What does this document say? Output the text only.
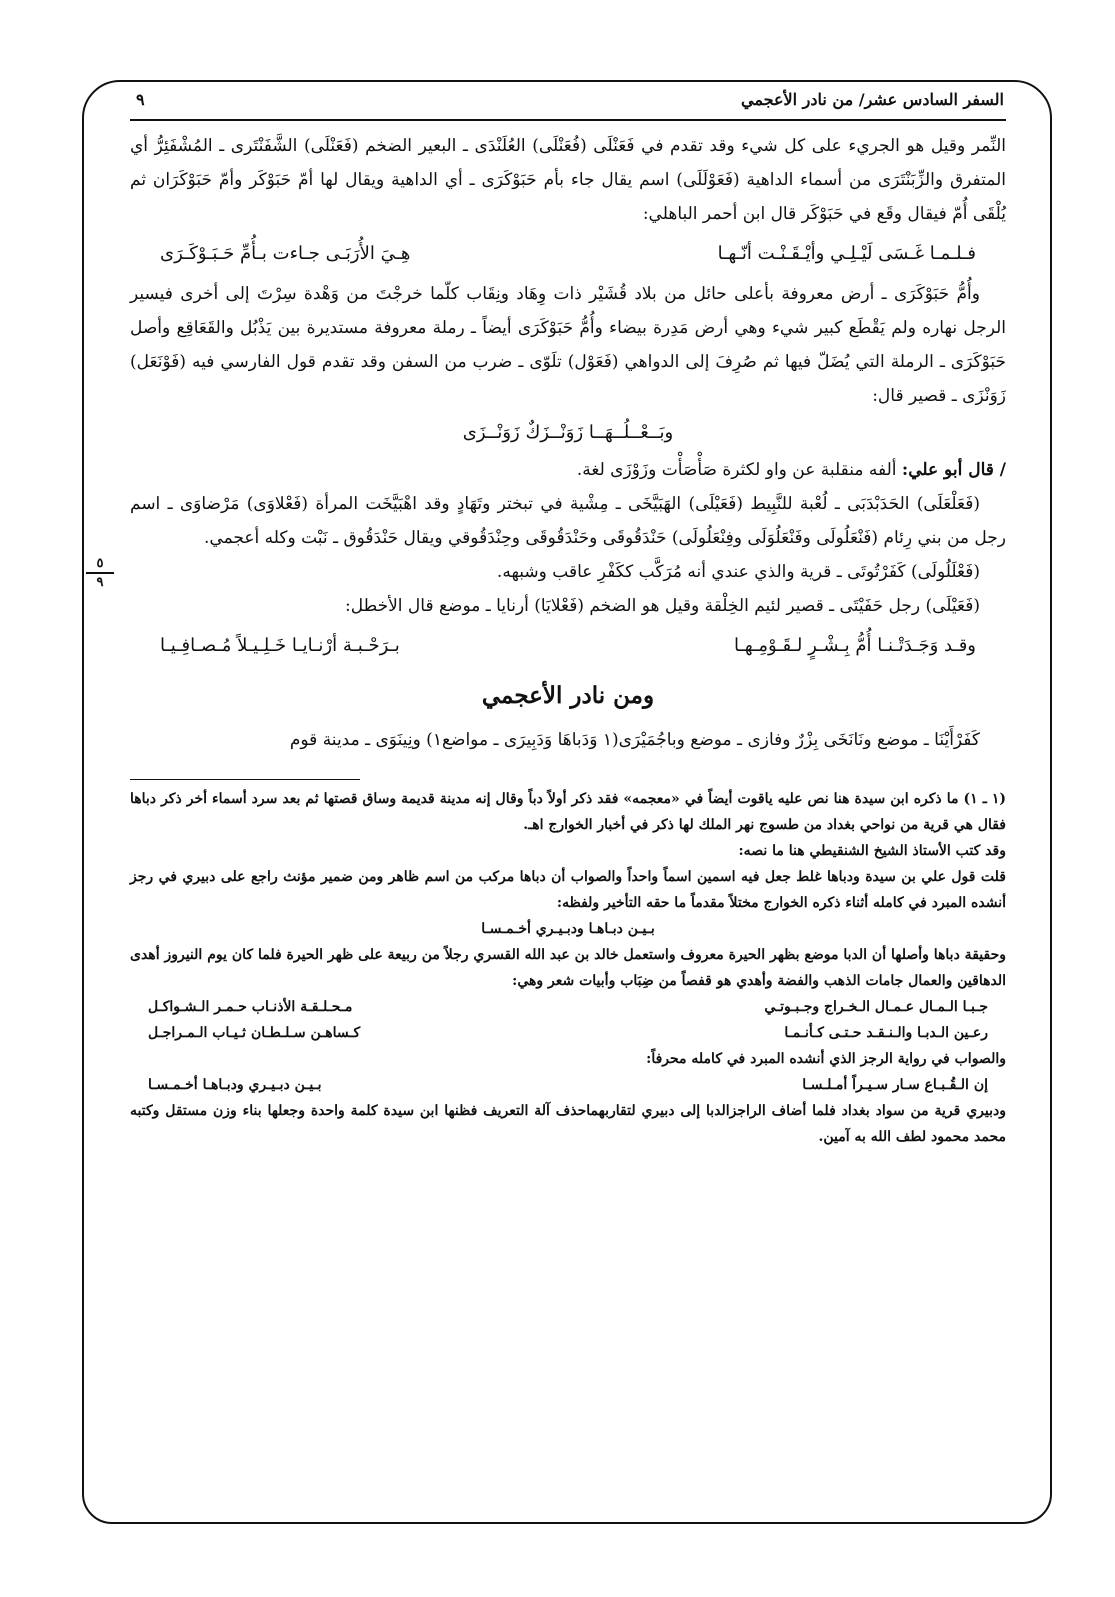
٥
٩
السفر السادس عشر/ من نادر الأعجمي
٩

النِّمر وقيل هو الجريء على كل شيء وقد تقدم في فَعَنْلَى (فُعَنْلَى) العُلَنْدَى ـ البعير الضخم (فَعَنْلَى) الشَّفَنْتَرى ـ المُشْفَئِرُّ أي المتفرق والزِّبَنْتَرَى من أسماء الداهية (فَعَوْلَلَى) اسم يقال جاء بأم حَبَوْكَرَى ـ أي الداهية ويقال لها أمّ حَبَوْكَر وأمّ حَبَوْكَرَان ثم يُلْقَى أُمّ فيقال وقَع في حَبَوْكَر قال ابن أحمر الباهلي:

فـلـمـا غَـسَى لَيْـلِـي وأيْـقَـنْـت أنّـهـا
هِـيَ الأُرَبَـى جـاءت بـأُمِّ حَـبَـوْكَـرَى

وأُمُّ حَبَوْكَرَى ـ أرض معروفة بأعلى حائل من بلاد قُشَيْر ذات وِهَاد ونِقَاب كلّما خرجْتَ من وَهْدة سِرْتَ إلى أخرى فيسير الرجل نهاره ولم يَقْطَع كبير شيء وهي أرض مَدِرة بيضاء وأُمُّ حَبَوْكَرَى أيضاً ـ رملة معروفة مستديرة بين يَذْبُل والقَعَاقِع وأصل حَبَوْكَرَى ـ الرملة التي يُضَلّ فيها ثم صُرِفَ إلى الدواهي (فَعَوْل) تلَوّى ـ ضرب من السفن وقد تقدم قول الفارسي فيه (فَوْنَعَل) زَوَنْزَى ـ قصير قال:

وبَــعْــلُــهَــا زَوَنْــزَكٌ زَوَنْــزَى

/ قال أبو علي: ألفه منقلبة عن واو لكثرة صَأْصَأْت وزَوْزَى لغة.

(فَعَلْعَلَى) الحَدَبْدَبَى ـ لُعْبة للنَّبِيط (فَعَيْلَى) الهَبَيَّخَى ـ مِشْية في تبختر وتَهَادٍ وقد اهْبَيَّخَت المرأة (فَعْلاوَى) مَرْضاوَى ـ اسم رجل من بني رِئام (فَنْعَلُولَى وفَنْعَلُوَلَى وفِنْعَلُولَى) حَنْدَقُوقَى وحَنْدَقُوقَى وحِنْدَقُوقي ويقال حَنْدَقُوق ـ نَبْت وكله أعجمي.

(فَعْلَلُولَى) كَفَرْتُوتَى ـ قرية والذي عندي أنه مُرَكَّب ككَفْرِ عاقب وشبهه.

(فَعَيْلَى) رجل حَفَيْتَى ـ قصير لئيم الخِلْقة وقيل هو الضخم (فَعْلايَا) أرنايا ـ موضع قال الأخطل:

وقـد وَجَـدَتْـنـا أُمُّ بِـشْـرٍ لـقَـوْمِـهـا
بـرَحْـبـة أرْنـايـا خَـلِـيـلاً مُـصـافِـيـا
ومن نادر الأعجمي

كَفَرْأَيْنَا ـ موضع ونَانَخَى بِزْرٌ وفازى ـ موضع وباجُمَيْرَى(١ وَدَباهَا وَدَبِيرَى ـ مواضع١) ونِينَوَى ـ مدينة قوم

(١ ـ ١) ما ذكره ابن سيدة هنا نص عليه ياقوت أيضاً في «معجمه» فقد ذكر أولاً دباً وقال إنه مدينة قديمة وساق قصتها ثم بعد سرد أسماء أخر ذكر دباها فقال هي قرية من نواحي بغداد من طسوج نهر الملك لها ذكر في أخبار الخوارج اهـ.

وقد كتب الأستاذ الشيخ الشنقيطي هنا ما نصه:

قلت قول علي بن سيدة ودباها غلط جعل فيه اسمين اسماً واحداً والصواب أن دباها مركب من اسم ظاهر ومن ضمير مؤنث راجع على دبيري في رجز أنشده المبرد في كامله أثناء ذكره الخوارج مختلاً مقدماً ما حقه التأخير ولفظه:

بـيـن دبـاهـا ودبـيـري أخـمـسـا

وحقيقة دباها وأصلها أن الدبا موضع بظهر الحيرة معروف واستعمل خالد بن عبد الله القسري رجلاً من ربيعة على ظهر الحيرة فلما كان يوم النيروز أهدى الدهاقين والعمال جامات الذهب والفضة وأهدي هو قفصاً من ضِبَاب وأبيات شعر وهي:

جـبـا الـمـال عـمـال الـخـراج وجـبـوتـي
مـحـلـقـة الأذنـاب حـمـر الـشـواكـل
رعـين الـدبـا والـنـقـد حـتـى كـأنـمـا
كـساهـن سـلـطـان ثـيـاب الـمـراجـل

والصواب في رواية الرجز الذي أنشده المبرد في كامله محرفاً:

إن الـقُـبـاع سـار سـيـراً أمـلـسـا
بـيـن دبـيـري ودبـاهـا أخـمـسـا

ودبيري قرية من سواد بغداد فلما أضاف الراجزالدبا إلى دبيري لتقاربهماحذف آلة التعريف فظنها ابن سيدة كلمة واحدة وجعلها بناء وزن مستقل وكتبه محمد محمود لطف الله به آمين.
